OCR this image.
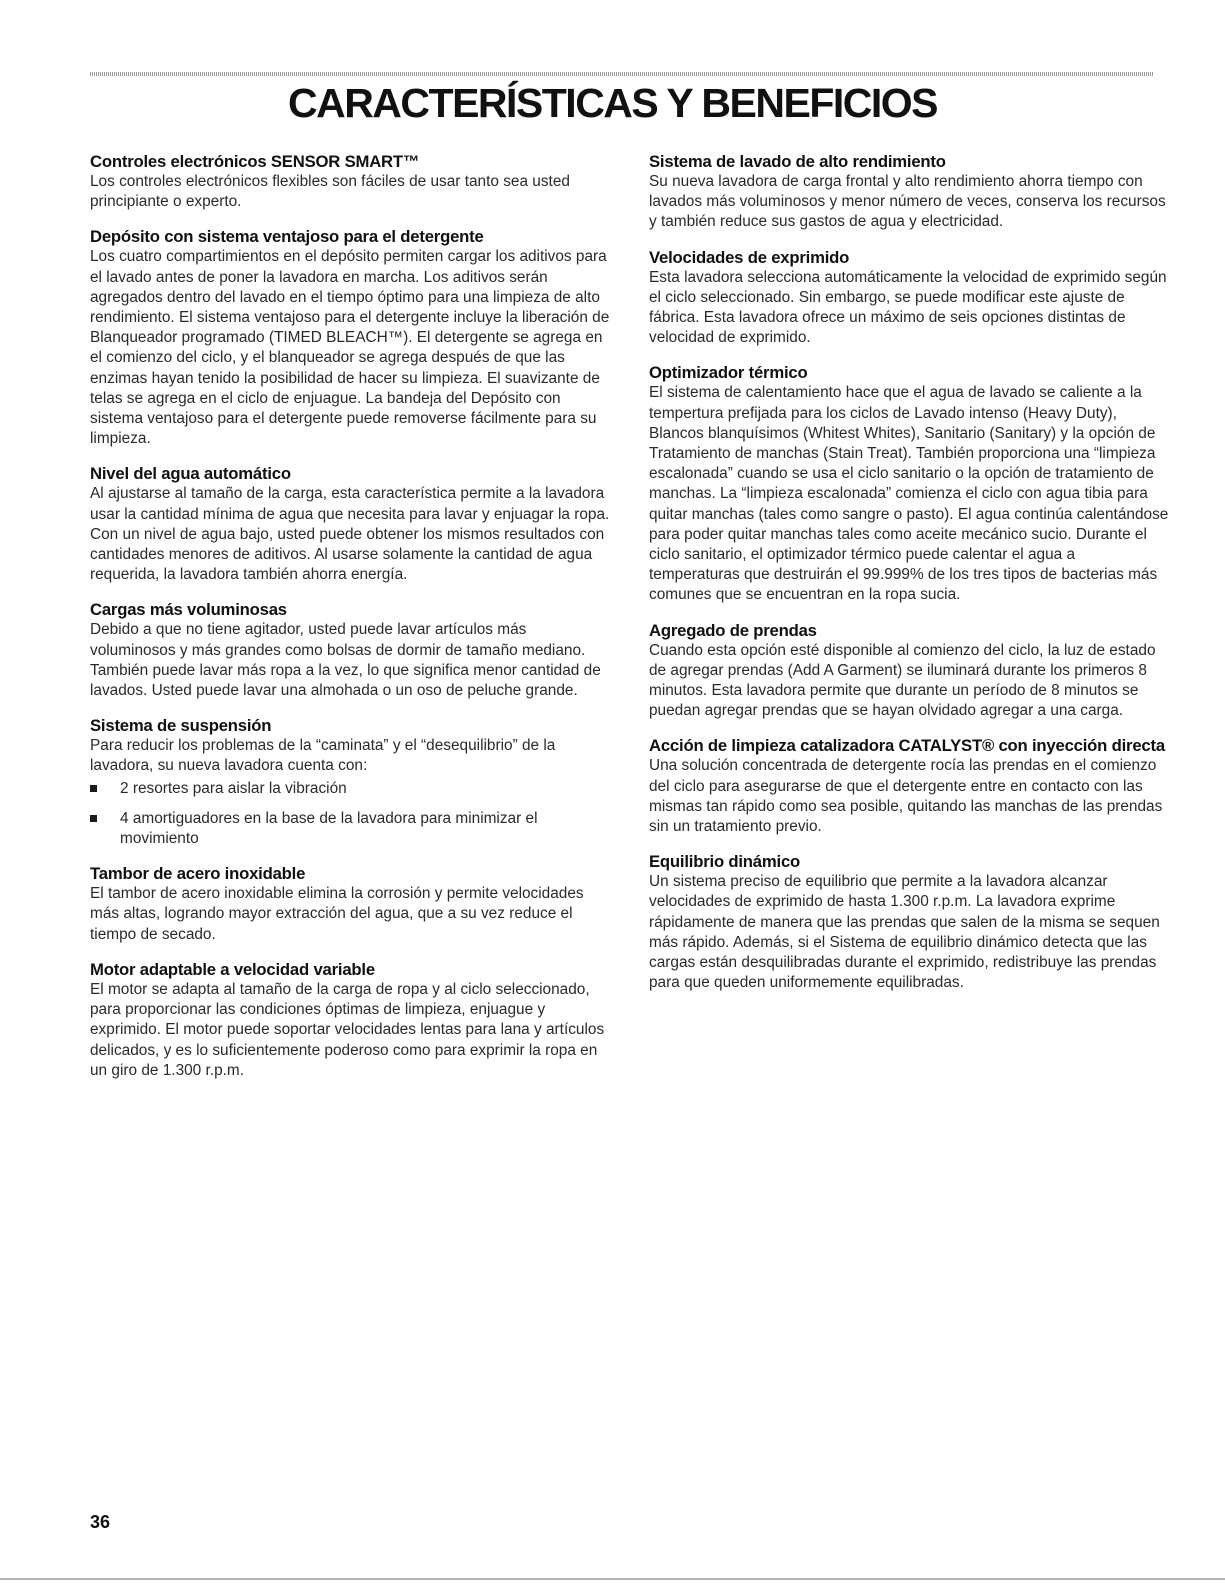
CARACTERÍSTICAS Y BENEFICIOS
Controles electrónicos SENSOR SMART™

Los controles electrónicos flexibles son fáciles de usar tanto sea usted principiante o experto.

Depósito con sistema ventajoso para el detergente

Los cuatro compartimientos en el depósito permiten cargar los aditivos para el lavado antes de poner la lavadora en marcha. Los aditivos serán agregados dentro del lavado en el tiempo óptimo para una limpieza de alto rendimiento. El sistema ventajoso para el detergente incluye la liberación de Blanqueador programado (TIMED BLEACH™). El detergente se agrega en el comienzo del ciclo, y el blanqueador se agrega después de que las enzimas hayan tenido la posibilidad de hacer su limpieza. El suavizante de telas se agrega en el ciclo de enjuague. La bandeja del Depósito con sistema ventajoso para el detergente puede removerse fácilmente para su limpieza.

Nivel del agua automático

Al ajustarse al tamaño de la carga, esta característica permite a la lavadora usar la cantidad mínima de agua que necesita para lavar y enjuagar la ropa. Con un nivel de agua bajo, usted puede obtener los mismos resultados con cantidades menores de aditivos. Al usarse solamente la cantidad de agua requerida, la lavadora también ahorra energía.

Cargas más voluminosas

Debido a que no tiene agitador, usted puede lavar artículos más voluminosos y más grandes como bolsas de dormir de tamaño mediano. También puede lavar más ropa a la vez, lo que significa menor cantidad de lavados. Usted puede lavar una almohada o un oso de peluche grande.

Sistema de suspensión

Para reducir los problemas de la “caminata” y el “desequilibrio” de la lavadora, su nueva lavadora cuenta con:

2 resortes para aislar la vibración
4 amortiguadores en la base de la lavadora para minimizar el movimiento
Tambor de acero inoxidable

El tambor de acero inoxidable elimina la corrosión y permite velocidades más altas, logrando mayor extracción del agua, que a su vez reduce el tiempo de secado.

Motor adaptable a velocidad variable

El motor se adapta al tamaño de la carga de ropa y al ciclo seleccionado, para proporcionar las condiciones óptimas de limpieza, enjuague y exprimido. El motor puede soportar velocidades lentas para lana y artículos delicados, y es lo suficientemente poderoso como para exprimir la ropa en un giro de 1.300 r.p.m.

Sistema de lavado de alto rendimiento

Su nueva lavadora de carga frontal y alto rendimiento ahorra tiempo con lavados más voluminosos y menor número de veces, conserva los recursos y también reduce sus gastos de agua y electricidad.

Velocidades de exprimido

Esta lavadora selecciona automáticamente la velocidad de exprimido según el ciclo seleccionado. Sin embargo, se puede modificar este ajuste de fábrica. Esta lavadora ofrece un máximo de seis opciones distintas de velocidad de exprimido.

Optimizador térmico

El sistema de calentamiento hace que el agua de lavado se caliente a la tempertura prefijada para los ciclos de Lavado intenso (Heavy Duty), Blancos blanquísimos (Whitest Whites), Sanitario (Sanitary) y la opción de Tratamiento de manchas (Stain Treat). También proporciona una “limpieza escalonada” cuando se usa el ciclo sanitario o la opción de tratamiento de manchas. La “limpieza escalonada” comienza el ciclo con agua tibia para quitar manchas (tales como sangre o pasto). El agua continúa calentándose para poder quitar manchas tales como aceite mecánico sucio. Durante el ciclo sanitario, el optimizador térmico puede calentar el agua a temperaturas que destruirán el 99.999% de los tres tipos de bacterias más comunes que se encuentran en la ropa sucia.

Agregado de prendas

Cuando esta opción esté disponible al comienzo del ciclo, la luz de estado de agregar prendas (Add A Garment) se iluminará durante los primeros 8 minutos. Esta lavadora permite que durante un período de 8 minutos se puedan agregar prendas que se hayan olvidado agregar a una carga.

Acción de limpieza catalizadora CATALYST® con inyección directa

Una solución concentrada de detergente rocía las prendas en el comienzo del ciclo para asegurarse de que el detergente entre en contacto con las mismas tan rápido como sea posible, quitando las manchas de las prendas sin un tratamiento previo.

Equilibrio dinámico

Un sistema preciso de equilibrio que permite a la lavadora alcanzar velocidades de exprimido de hasta 1.300 r.p.m. La lavadora exprime rápidamente de manera que las prendas que salen de la misma se sequen más rápido. Además, si el Sistema de equilibrio dinámico detecta que las cargas están desquilibradas durante el exprimido, redistribuye las prendas para que queden uniformemente equilibradas.

36
